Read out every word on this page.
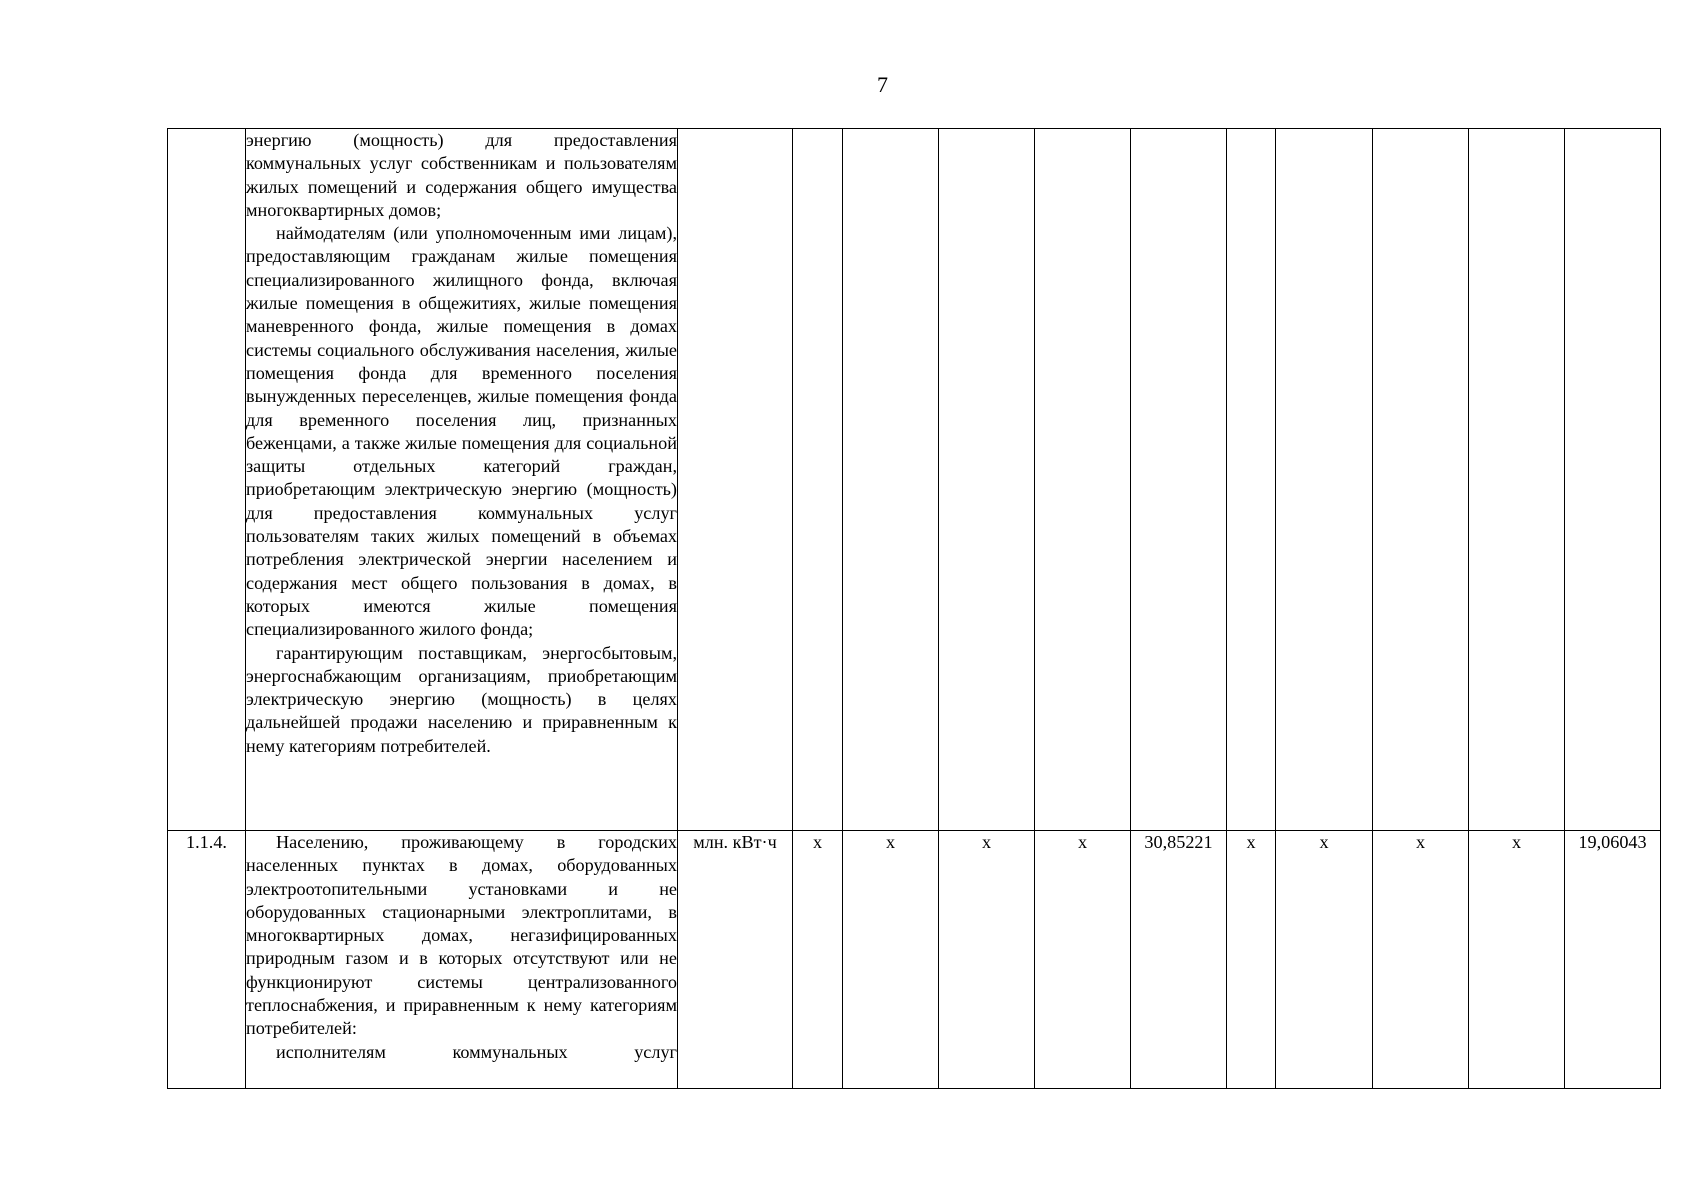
7

	энергию (мощность) для предоставления коммунальных услуг собственникам и пользователям жилых помещений и содержания общего имущества многоквартирных домов;
наймодателям (или уполномоченным ими лицам), предоставляющим гражданам жилые помещения специализированного жилищного фонда, включая жилые помещения в общежитиях, жилые помещения маневренного фонда, жилые помещения в домах системы социального обслуживания населения, жилые помещения фонда для временного поселения вынужденных переселенцев, жилые помещения фонда для временного поселения лиц, признанных беженцами, а также жилые помещения для социальной защиты отдельных категорий граждан, приобретающим электрическую энергию (мощность) для предоставления коммунальных услуг пользователям таких жилых помещений в объемах потребления электрической энергии населением и содержания мест общего пользования в домах, в которых имеются жилые помещения специализированного жилого фонда;
гарантирующим поставщикам, энергосбытовым, энергоснабжающим организациям, приобретающим электрическую энергию (мощность) в целях дальнейшей продажи населению и приравненным к нему категориям потребителей.											

1.1.4.	Населению, проживающему в городских населенных пунктах в домах, оборудованных электроотопительными установками и не оборудованных стационарными электроплитами, в многоквартирных домах, негазифицированных природным газом и в которых отсутствуют или не функционируют системы централизованного теплоснабжения, и приравненным к нему категориям потребителей:
исполнителям коммунальных услуг	млн. кВт·ч	х	х	х	х	30,85221	х	х	х	х	19,06043
